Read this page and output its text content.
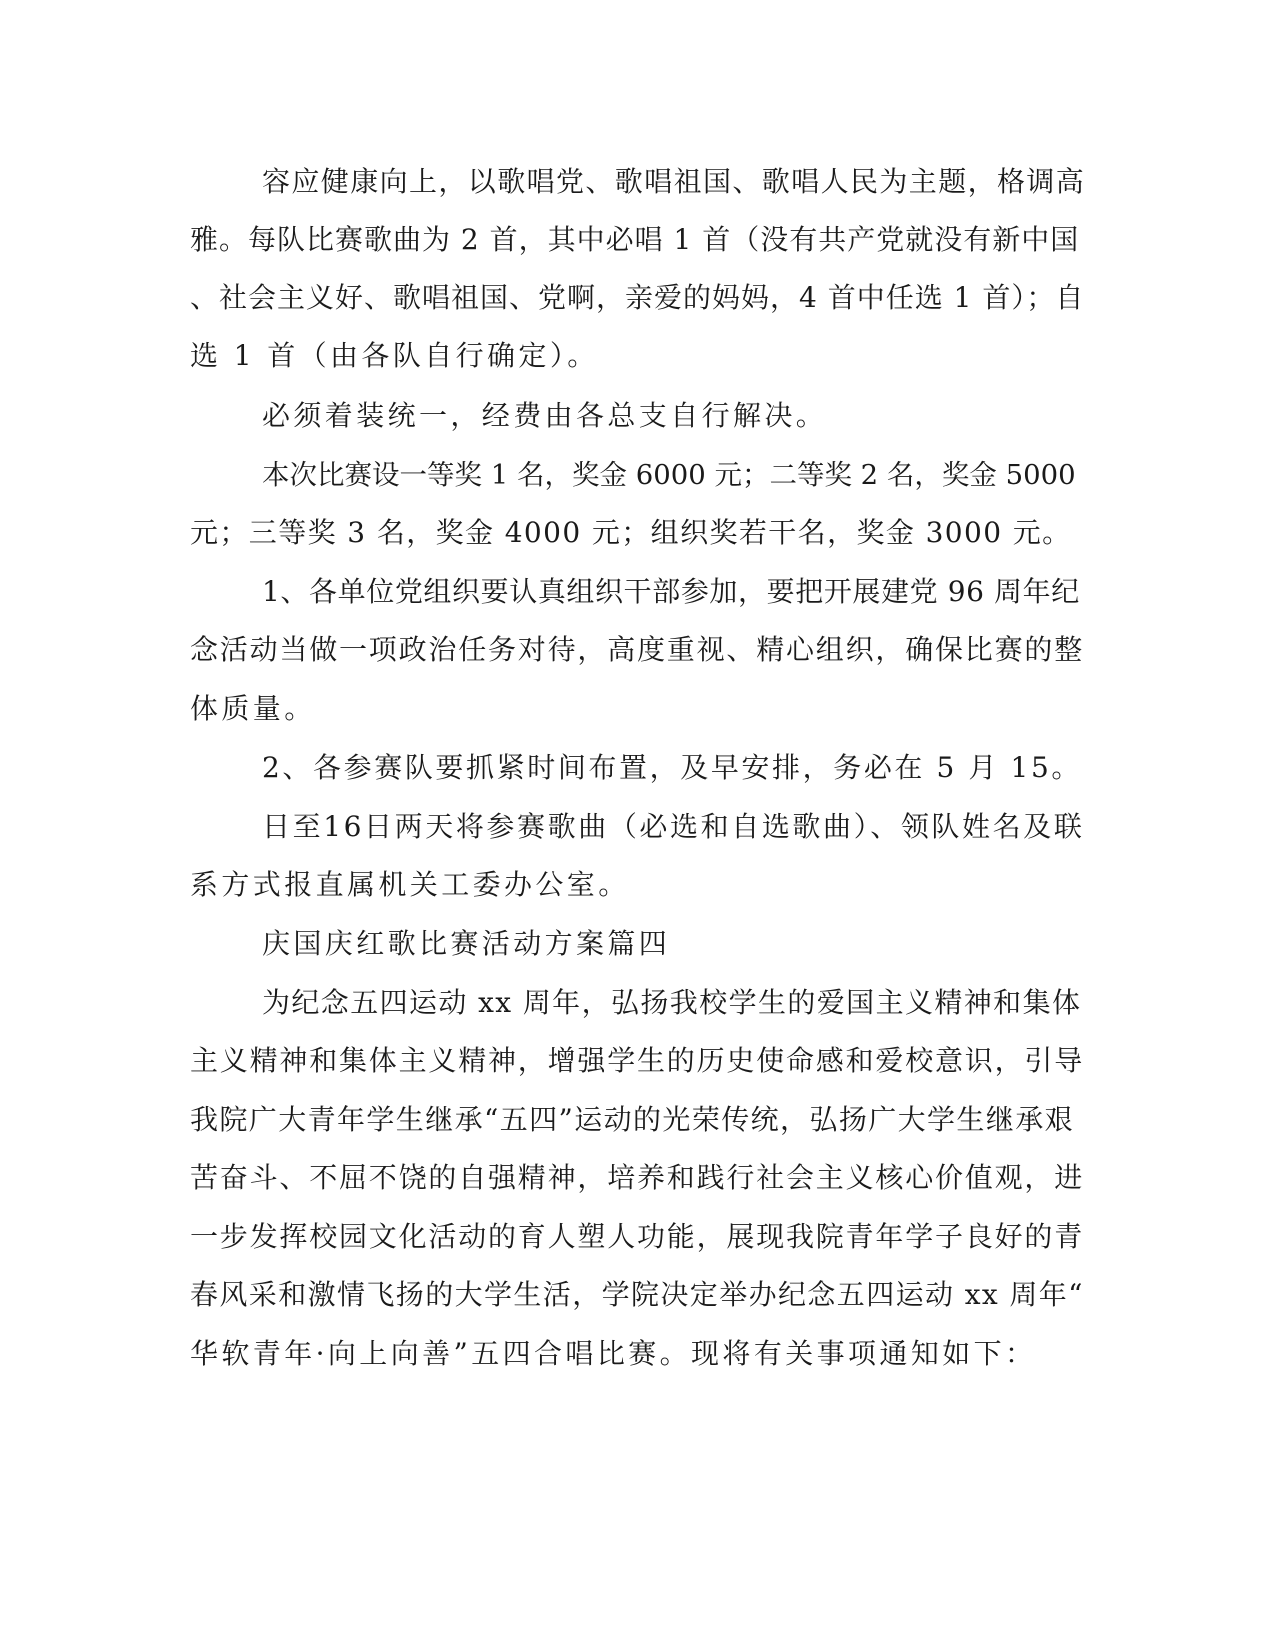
容应健康向上，以歌唱党、歌唱祖国、歌唱人民为主题，格调高
雅。每队比赛歌曲为 2 首，其中必唱 1 首（没有共产党就没有新中国
、社会主义好、歌唱祖国、党啊，亲爱的妈妈，4 首中任选 1 首）；自
选 1 首（由各队自行确定）。
必须着装统一，经费由各总支自行解决。
本次比赛设一等奖 1 名，奖金 6000 元；二等奖 2 名，奖金 5000
元；三等奖 3 名，奖金 4000 元；组织奖若干名，奖金 3000 元。
1、各单位党组织要认真组织干部参加，要把开展建党 96 周年纪
念活动当做一项政治任务对待，高度重视、精心组织，确保比赛的整
体质量。
2、各参赛队要抓紧时间布置，及早安排，务必在 5 月 15。
日至16日两天将参赛歌曲（必选和自选歌曲）、领队姓名及联
系方式报直属机关工委办公室。
庆国庆红歌比赛活动方案篇四
为纪念五四运动 xx 周年，弘扬我校学生的爱国主义精神和集体
主义精神和集体主义精神，增强学生的历史使命感和爱校意识，引导
我院广大青年学生继承“五四”运动的光荣传统，弘扬广大学生继承艰
苦奋斗、不屈不饶的自强精神，培养和践行社会主义核心价值观，进
一步发挥校园文化活动的育人塑人功能，展现我院青年学子良好的青
春风采和激情飞扬的大学生活，学院决定举办纪念五四运动 xx 周年“
华软青年·向上向善”五四合唱比赛。现将有关事项通知如下：
